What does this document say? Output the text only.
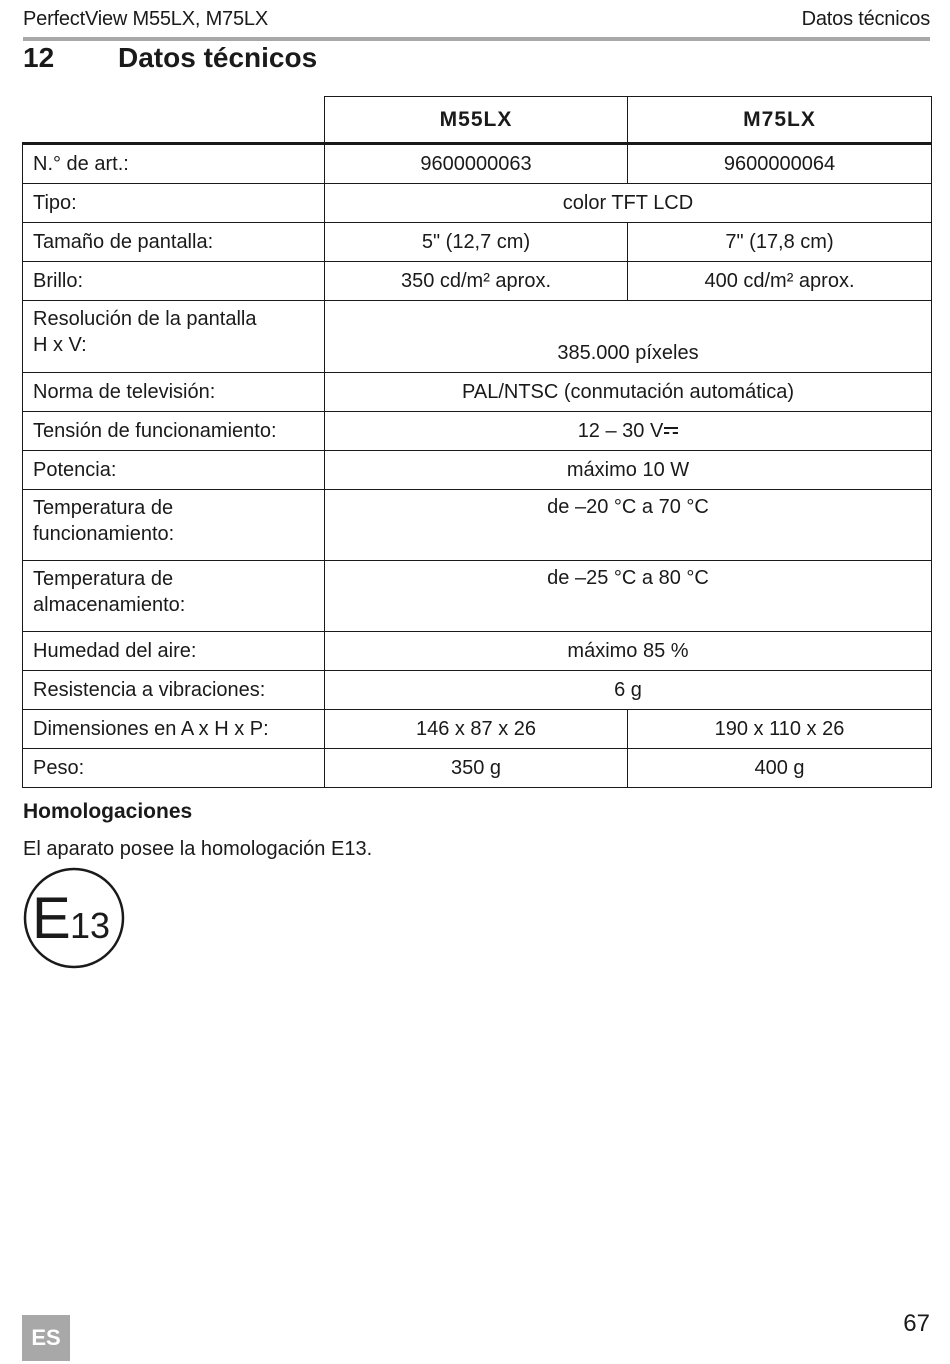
PerfectView M55LX, M75LX	Datos técnicos
12 Datos técnicos
	M55LX	M75LX
N.° de art.:	9600000063	9600000064
Tipo:	color TFT LCD	
Tamaño de pantalla:	5" (12,7 cm)	7" (17,8 cm)
Brillo:	350 cd/m² aprox.	400 cd/m² aprox.
Resolución de la pantalla
H x V:	385.000 píxeles	
Norma de televisión:	PAL/NTSC (conmutación automática)	
Tensión de funcionamiento:	12 – 30 V	

Potencia:	máximo 10 W	
Temperatura de
funcionamiento:	de –20 °C a 70 °C	
Temperatura de
almacenamiento:	de –25 °C a 80 °C	
Humedad del aire:	máximo 85 %	
Resistencia a vibraciones:	6 g	
Dimensiones en A x H x P:	146 x 87 x 26	190 x 110 x 26
Peso:	350 g	400 g
Homologaciones
El aparato posee la homologación E13.
E 13
ES
67
